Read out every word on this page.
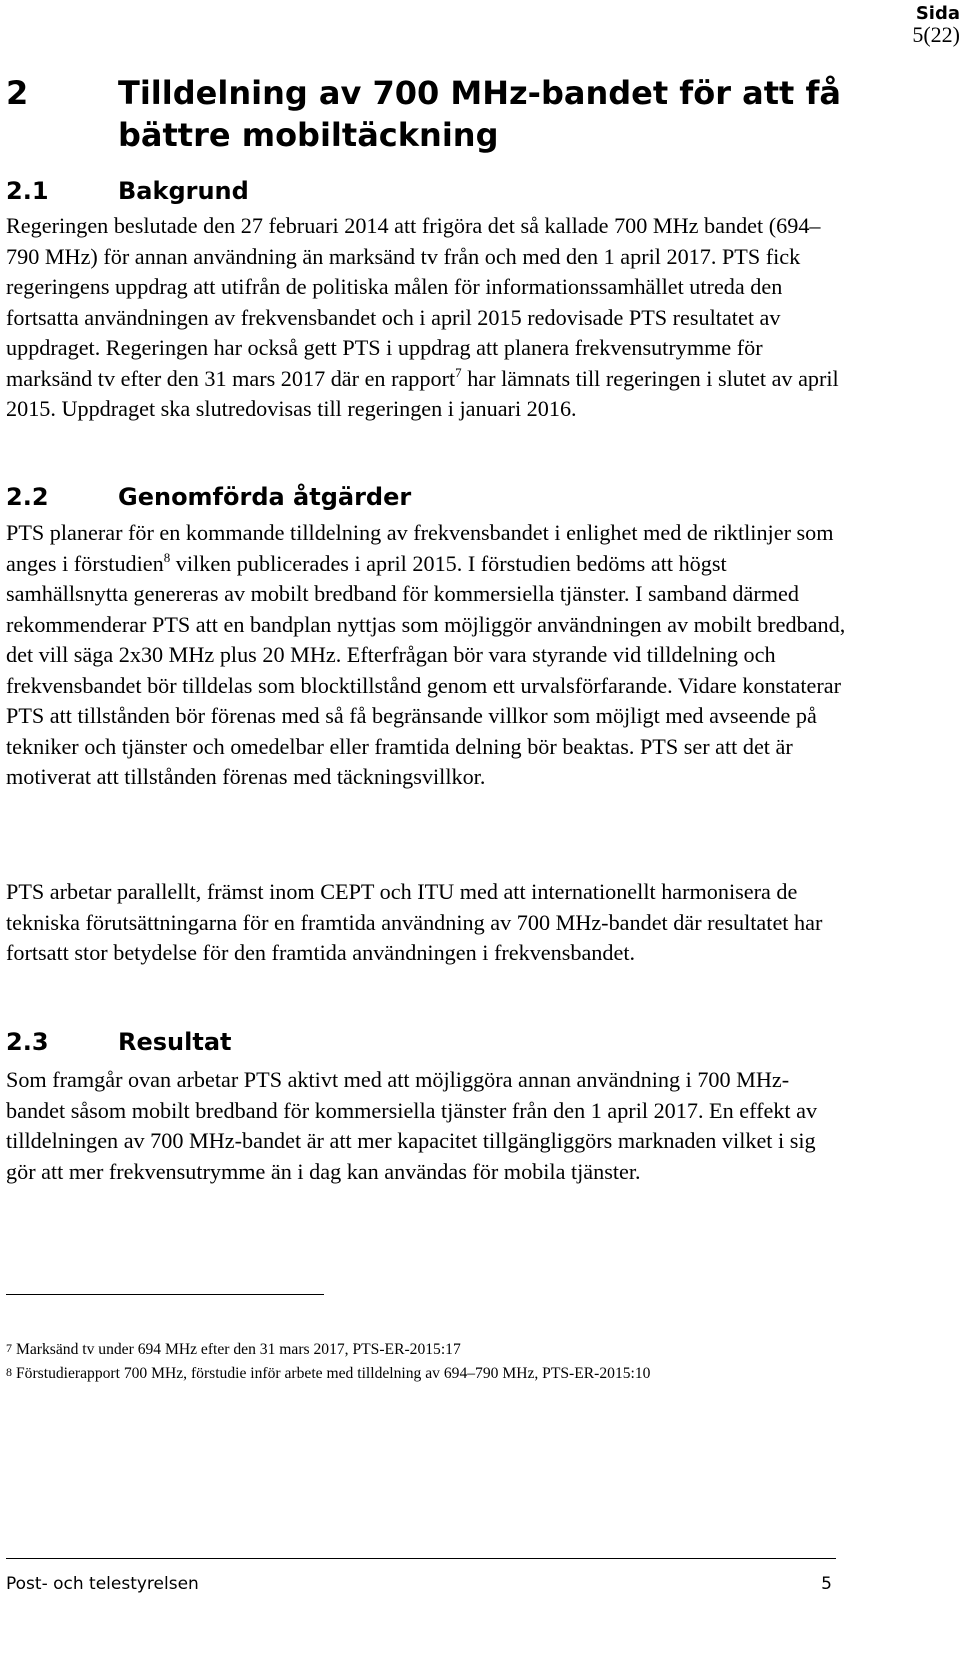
Sida
5(22)
2	Tilldelning av 700 MHz-bandet för att få bättre mobiltäckning
2.1	Bakgrund

Regeringen beslutade den 27 februari 2014 att frigöra det så kallade 700 MHz bandet (694–790 MHz) för annan användning än marksänd tv från och med den 1 april 2017. PTS fick regeringens uppdrag att utifrån de politiska målen för informationssamhället utreda den fortsatta användningen av frekvensbandet och i april 2015 redovisade PTS resultatet av uppdraget. Regeringen har också gett PTS i uppdrag att planera frekvensutrymme för marksänd tv efter den 31 mars 2017 där en rapport$^7$ har lämnats till regeringen i slutet av april 2015. Uppdraget ska slutredovisas till regeringen i januari 2016.

2.2	Genomförda åtgärder

PTS planerar för en kommande tilldelning av frekvensbandet i enlighet med de riktlinjer som anges i förstudien$^8$ vilken publicerades i april 2015. I förstudien bedöms att högst samhällsnytta genereras av mobilt bredband för kommersiella tjänster. I samband därmed rekommenderar PTS att en bandplan nyttjas som möjliggör användningen av mobilt bredband, det vill säga 2x30 MHz plus 20 MHz. Efterfrågan bör vara styrande vid tilldelning och frekvensbandet bör tilldelas som blocktillstånd genom ett urvalsförfarande. Vidare konstaterar PTS att tillstånden bör förenas med så få begränsande villkor som möjligt med avseende på tekniker och tjänster och omedelbar eller framtida delning bör beaktas. PTS ser att det är motiverat att tillstånden förenas med täckningsvillkor.

PTS arbetar parallellt, främst inom CEPT och ITU med att internationellt harmonisera de tekniska förutsättningarna för en framtida användning av 700 MHz-bandet där resultatet har fortsatt stor betydelse för den framtida användningen i frekvensbandet.

2.3	Resultat

Som framgår ovan arbetar PTS aktivt med att möjliggöra annan användning i 700 MHz-bandet såsom mobilt bredband för kommersiella tjänster från den 1 april 2017. En effekt av tilldelningen av 700 MHz-bandet är att mer kapacitet tillgängliggörs marknaden vilket i sig gör att mer frekvensutrymme än i dag kan användas för mobila tjänster.

7 Marksänd tv under 694 MHz efter den 31 mars 2017, PTS-ER-2015:17
8 Förstudierapport 700 MHz, förstudie inför arbete med tilldelning av 694–790 MHz, PTS-ER-2015:10
Post- och telestyrelsen	5
